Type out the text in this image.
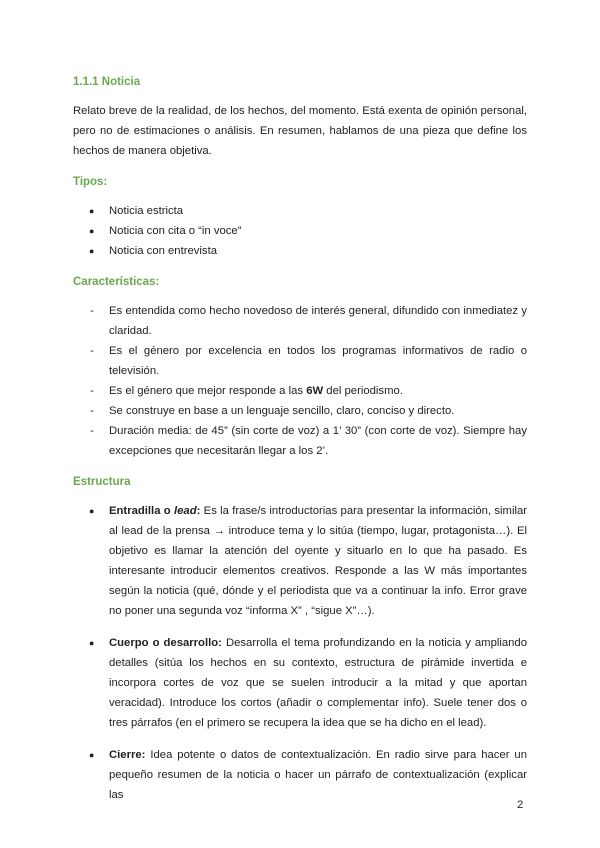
1.1.1 Noticia

Relato breve de la realidad, de los hechos, del momento. Está exenta de opinión personal, pero no de estimaciones o análisis. En resumen, hablamos de una pieza que define los hechos de manera objetiva.

Tipos:
● Noticia estricta
● Noticia con cita o “in voce”
● Noticia con entrevista
Características:
- Es entendida como hecho novedoso de interés general, difundido con inmediatez y claridad.
- Es el género por excelencia en todos los programas informativos de radio o televisión.
- Es el género que mejor responde a las 6W del periodismo.
- Se construye en base a un lenguaje sencillo, claro, conciso y directo.
- Duración media: de 45” (sin corte de voz) a 1’ 30” (con corte de voz). Siempre hay excepciones que necesitarán llegar a los 2’.
Estructura
● Entradilla o lead: Es la frase/s introductorias para presentar la información, similar al lead de la prensa → introduce tema y lo sitúa (tiempo, lugar, protagonista…). El objetivo es llamar la atención del oyente y situarlo en lo que ha pasado. Es interesante introducir elementos creativos. Responde a las W más importantes según la noticia (qué, dónde y el periodista que va a continuar la info. Error grave no poner una segunda voz “informa X” , “sigue X”…).
● Cuerpo o desarrollo: Desarrolla el tema profundizando en la noticia y ampliando detalles (sitúa los hechos en su contexto, estructura de pirámide invertida e incorpora cortes de voz que se suelen introducir a la mitad y que aportan veracidad). Introduce los cortos (añadir o complementar info). Suele tener dos o tres párrafos (en el primero se recupera la idea que se ha dicho en el lead).
● Cierre: Idea potente o datos de contextualización. En radio sirve para hacer un pequeño resumen de la noticia o hacer un párrafo de contextualización (explicar las
2
